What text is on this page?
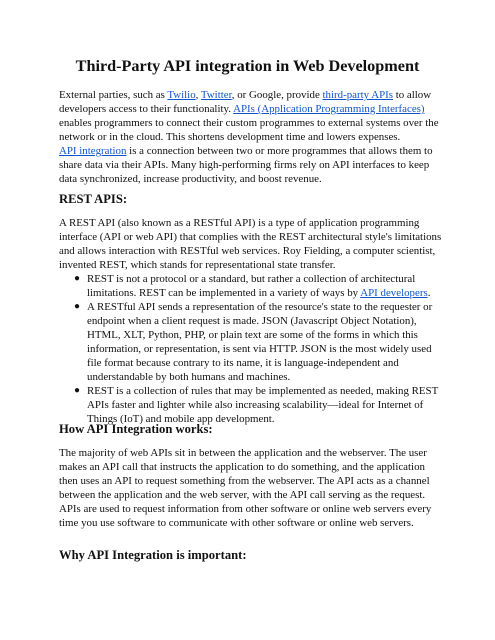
Third-Party API integration in Web Development
External parties, such as Twilio, Twitter, or Google, provide third-party APIs to allow
developers access to their functionality. APIs (Application Programming Interfaces)
enables programmers to connect their custom programmes to external systems over the
network or in the cloud. This shortens development time and lowers expenses.
API integration is a connection between two or more programmes that allows them to
share data via their APIs. Many high-performing firms rely on API interfaces to keep
data synchronized, increase productivity, and boost revenue.
REST APIS:
A REST API (also known as a RESTful API) is a type of application programming
interface (API or web API) that complies with the REST architectural style's limitations
and allows interaction with RESTful web services. Roy Fielding, a computer scientist,
invented REST, which stands for representational state transfer.
● REST is not a protocol or a standard, but rather a collection of architectural
limitations. REST can be implemented in a variety of ways by API developers.
● A RESTful API sends a representation of the resource's state to the requester or
endpoint when a client request is made. JSON (Javascript Object Notation),
HTML, XLT, Python, PHP, or plain text are some of the forms in which this
information, or representation, is sent via HTTP. JSON is the most widely used
file format because contrary to its name, it is language-independent and
understandable by both humans and machines.
● REST is a collection of rules that may be implemented as needed, making REST
APIs faster and lighter while also increasing scalability—ideal for Internet of
Things (IoT) and mobile app development.
How API Integration works:
The majority of web APIs sit in between the application and the webserver. The user
makes an API call that instructs the application to do something, and the application
then uses an API to request something from the webserver. The API acts as a channel
between the application and the web server, with the API call serving as the request.
APIs are used to request information from other software or online web servers every
time you use software to communicate with other software or online web servers.
Why API Integration is important:
